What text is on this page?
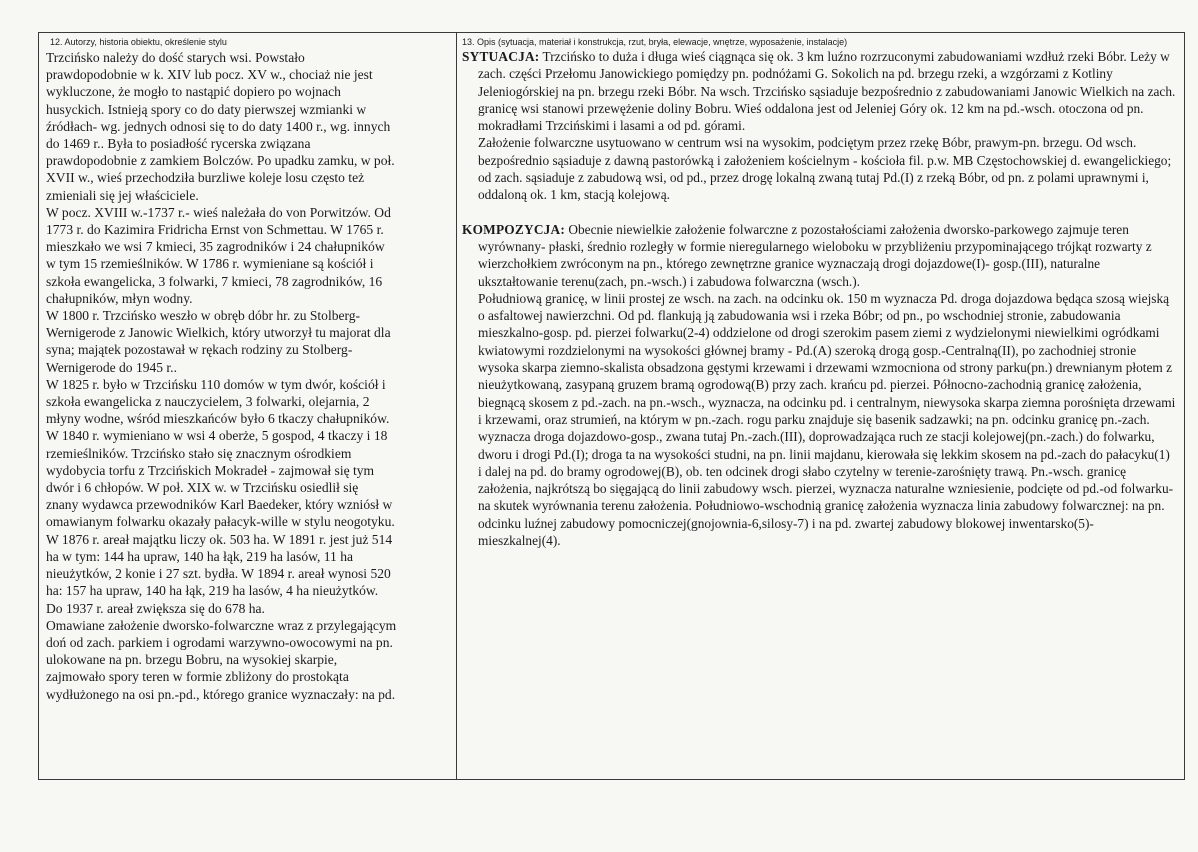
12. Autorzy, historia obiektu, określenie stylu
Trzcińsko należy do dość starych wsi. Powstało
prawdopodobnie w k. XIV lub pocz. XV w., chociaż nie jest
wykluczone, że mogło to nastąpić dopiero po wojnach
husyckich. Istnieją spory co do daty pierwszej wzmianki w
źródłach- wg. jednych odnosi się to do daty 1400 r., wg. innych
do 1469 r.. Była to posiadłość rycerska związana
prawdopodobnie z zamkiem Bolczów. Po upadku zamku, w poł.
XVII w., wieś przechodziła burzliwe koleje losu często też
zmieniali się jej właściciele.
W pocz. XVIII w.-1737 r.- wieś należała do von Porwitzów. Od
1773 r. do Kazimira Fridricha Ernst von Schmettau. W 1765 r.
mieszkało we wsi 7 kmieci, 35 zagrodników i 24 chałupników
w tym 15 rzemieślników. W 1786 r. wymieniane są kościół i
szkoła ewangelicka, 3 folwarki, 7 kmieci, 78 zagrodników, 16
chałupników, młyn wodny.
W 1800 r. Trzcińsko weszło w obręb dóbr hr. zu Stolberg-
Wernigerode z Janowic Wielkich, który utworzył tu majorat dla
syna; majątek pozostawał w rękach rodziny zu Stolberg-
Wernigerode do 1945 r..
W 1825 r. było w Trzcińsku 110 domów w tym dwór, kościół i
szkoła ewangelicka z nauczycielem, 3 folwarki, olejarnia, 2
młyny wodne, wśród mieszkańców było 6 tkaczy chałupników.
W 1840 r. wymieniano w wsi 4 oberże, 5 gospod, 4 tkaczy i 18
rzemieślników. Trzcińsko stało się znacznym ośrodkiem
wydobycia torfu z Trzcińskich Mokradeł - zajmował się tym
dwór i 6 chłopów. W poł. XIX w. w Trzcińsku osiedlił się
znany wydawca przewodników Karl Baedeker, który wzniósł w
omawianym folwarku okazały pałacyk-wille w stylu neogotyku.
W 1876 r. areał majątku liczy ok. 503 ha. W 1891 r. jest już 514
ha w tym: 144 ha upraw, 140 ha łąk, 219 ha lasów, 11 ha
nieużytków, 2 konie i 27 szt. bydła. W 1894 r. areał wynosi 520
ha: 157 ha upraw, 140 ha łąk, 219 ha lasów, 4 ha nieużytków.
Do 1937 r. areał zwiększa się do 678 ha.
Omawiane założenie dworsko-folwarczne wraz z przylegającym
doń od zach. parkiem i ogrodami warzywno-owocowymi na pn.
ulokowane na pn. brzegu Bobru, na wysokiej skarpie,
zajmowało spory teren w formie zbliżony do prostokąta
wydłużonego na osi pn.-pd., którego granice wyznaczały: na pd.
13. Opis (sytuacja, materiał i konstrukcja, rzut, bryła, elewacje, wnętrze, wyposażenie, instalacje)

SYTUACJA: Trzcińsko to duża i długa wieś ciągnąca się ok. 3 km luźno rozrzuconymi zabudowaniami wzdłuż rzeki Bóbr. Leży w zach. części Przełomu Janowickiego pomiędzy pn. podnóżami G. Sokolich na pd. brzegu rzeki, a wzgórzami z Kotliny Jeleniogórskiej na pn. brzegu rzeki Bóbr. Na wsch. Trzcińsko sąsiaduje bezpośrednio z zabudowaniami Janowic Wielkich na zach. granicę wsi stanowi przewężenie doliny Bobru. Wieś oddalona jest od Jeleniej Góry ok. 12 km na pd.-wsch. otoczona od pn. mokradłami Trzcińskimi i lasami a od pd. górami.

Założenie folwarczne usytuowano w centrum wsi na wysokim, podciętym przez rzekę Bóbr, prawym-pn. brzegu. Od wsch. bezpośrednio sąsiaduje z dawną pastorówką i założeniem kościelnym - kościoła fil. p.w. MB Częstochowskiej d. ewangelickiego; od zach. sąsiaduje z zabudową wsi, od pd., przez drogę lokalną zwaną tutaj Pd.(I) z rzeką Bóbr, od pn. z polami uprawnymi i, oddaloną ok. 1 km, stacją kolejową.

KOMPOZYCJA: Obecnie niewielkie założenie folwarczne z pozostałościami założenia dworsko-parkowego zajmuje teren wyrównany- płaski, średnio rozległy w formie nieregularnego wieloboku w przybliżeniu przypominającego trójkąt rozwarty z wierzchołkiem zwróconym na pn., którego zewnętrzne granice wyznaczają drogi dojazdowe(I)- gosp.(III), naturalne ukształtowanie terenu(zach, pn.-wsch.) i zabudowa folwarczna (wsch.).

Południową granicę, w linii prostej ze wsch. na zach. na odcinku ok. 150 m wyznacza Pd. droga dojazdowa będąca szosą wiejską o asfaltowej nawierzchni. Od pd. flankują ją zabudowania wsi i rzeka Bóbr; od pn., po wschodniej stronie, zabudowania mieszkalno-gosp. pd. pierzei folwarku(2-4) oddzielone od drogi szerokim pasem ziemi z wydzielonymi niewielkimi ogródkami kwiatowymi rozdzielonymi na wysokości głównej bramy - Pd.(A) szeroką drogą gosp.-Centralną(II), po zachodniej stronie wysoka skarpa ziemno-skalista obsadzona gęstymi krzewami i drzewami wzmocniona od strony parku(pn.) drewnianym płotem z nieużytkowaną, zasypaną gruzem bramą ogrodową(B) przy zach. krańcu pd. pierzei. Północno-zachodnią granicę założenia, biegnącą skosem z pd.-zach. na pn.-wsch., wyznacza, na odcinku pd. i centralnym, niewysoka skarpa ziemna porośnięta drzewami i krzewami, oraz strumień, na którym w pn.-zach. rogu parku znajduje się basenik sadzawki; na pn. odcinku granicę pn.-zach. wyznacza droga dojazdowo-gosp., zwana tutaj Pn.-zach.(III), doprowadzająca ruch ze stacji kolejowej(pn.-zach.) do folwarku, dworu i drogi Pd.(I); droga ta na wysokości studni, na pn. linii majdanu, kierowała się lekkim skosem na pd.-zach do pałacyku(1) i dalej na pd. do bramy ogrodowej(B), ob. ten odcinek drogi słabo czytelny w terenie-zarośnięty trawą. Pn.-wsch. granicę założenia, najkrótszą bo sięgającą do linii zabudowy wsch. pierzei, wyznacza naturalne wzniesienie, podcięte od pd.-od folwarku- na skutek wyrównania terenu założenia. Południowo-wschodnią granicę założenia wyznacza linia zabudowy folwarcznej: na pn. odcinku luźnej zabudowy pomocniczej(gnojownia-6,silosy-7) i na pd. zwartej zabudowy blokowej inwentarsko(5)-mieszkalnej(4).
